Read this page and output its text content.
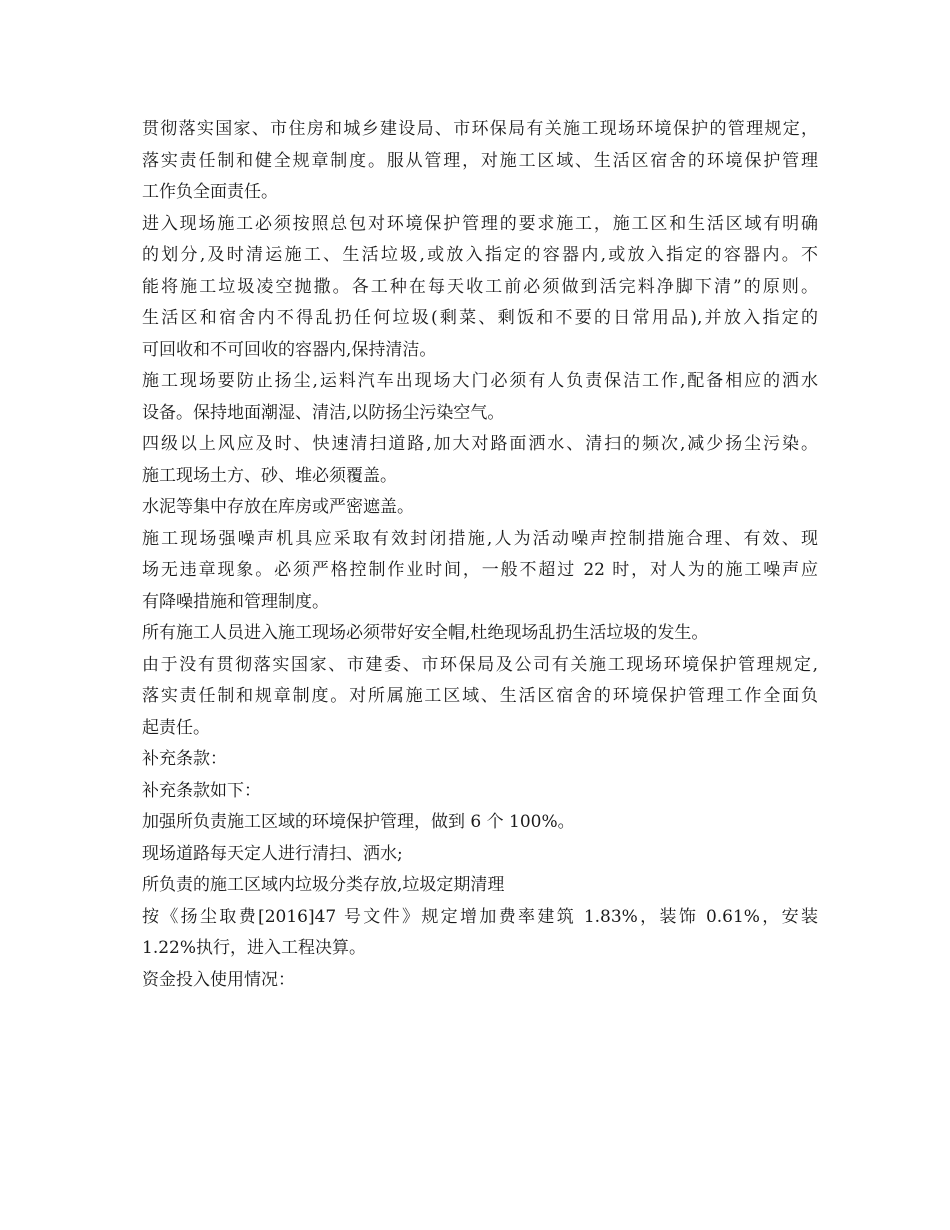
贯彻落实国家、市住房和城乡建设局、市环保局有关施工现场环境保护的管理规定，
落实责任制和健全规章制度。服从管理，对施工区域、生活区宿舍的环境保护管理
工作负全面责任。
进入现场施工必须按照总包对环境保护管理的要求施工，施工区和生活区域有明确
的划分,及时清运施工、生活垃圾,或放入指定的容器内,或放入指定的容器内。不
能将施工垃圾凌空抛撒。各工种在每天收工前必须做到活完料净脚下清”的原则。
生活区和宿舍内不得乱扔任何垃圾(剩菜、剩饭和不要的日常用品),并放入指定的
可回收和不可回收的容器内,保持清洁。
施工现场要防止扬尘,运料汽车出现场大门必须有人负责保洁工作,配备相应的洒水
设备。保持地面潮湿、清洁,以防扬尘污染空气。
四级以上风应及时、快速清扫道路,加大对路面洒水、清扫的频次,减少扬尘污染。
施工现场土方、砂、堆必须覆盖。
水泥等集中存放在库房或严密遮盖。
施工现场强噪声机具应采取有效封闭措施,人为活动噪声控制措施合理、有效、现
场无违章现象。必须严格控制作业时间，一般不超过 22 时，对人为的施工噪声应
有降噪措施和管理制度。
所有施工人员进入施工现场必须带好安全帽,杜绝现场乱扔生活垃圾的发生。
由于没有贯彻落实国家、市建委、市环保局及公司有关施工现场环境保护管理规定,
落实责任制和规章制度。对所属施工区域、生活区宿舍的环境保护管理工作全面负
起责任。
补充条款：
补充条款如下：
加强所负责施工区域的环境保护管理，做到 6 个 100%。
现场道路每天定人进行清扫、洒水;
所负责的施工区域内垃圾分类存放,垃圾定期清理
按《扬尘取费[2016]47 号文件》规定增加费率建筑 1.83%，装饰 0.61%，安装
1.22%执行，进入工程决算。
资金投入使用情况：
